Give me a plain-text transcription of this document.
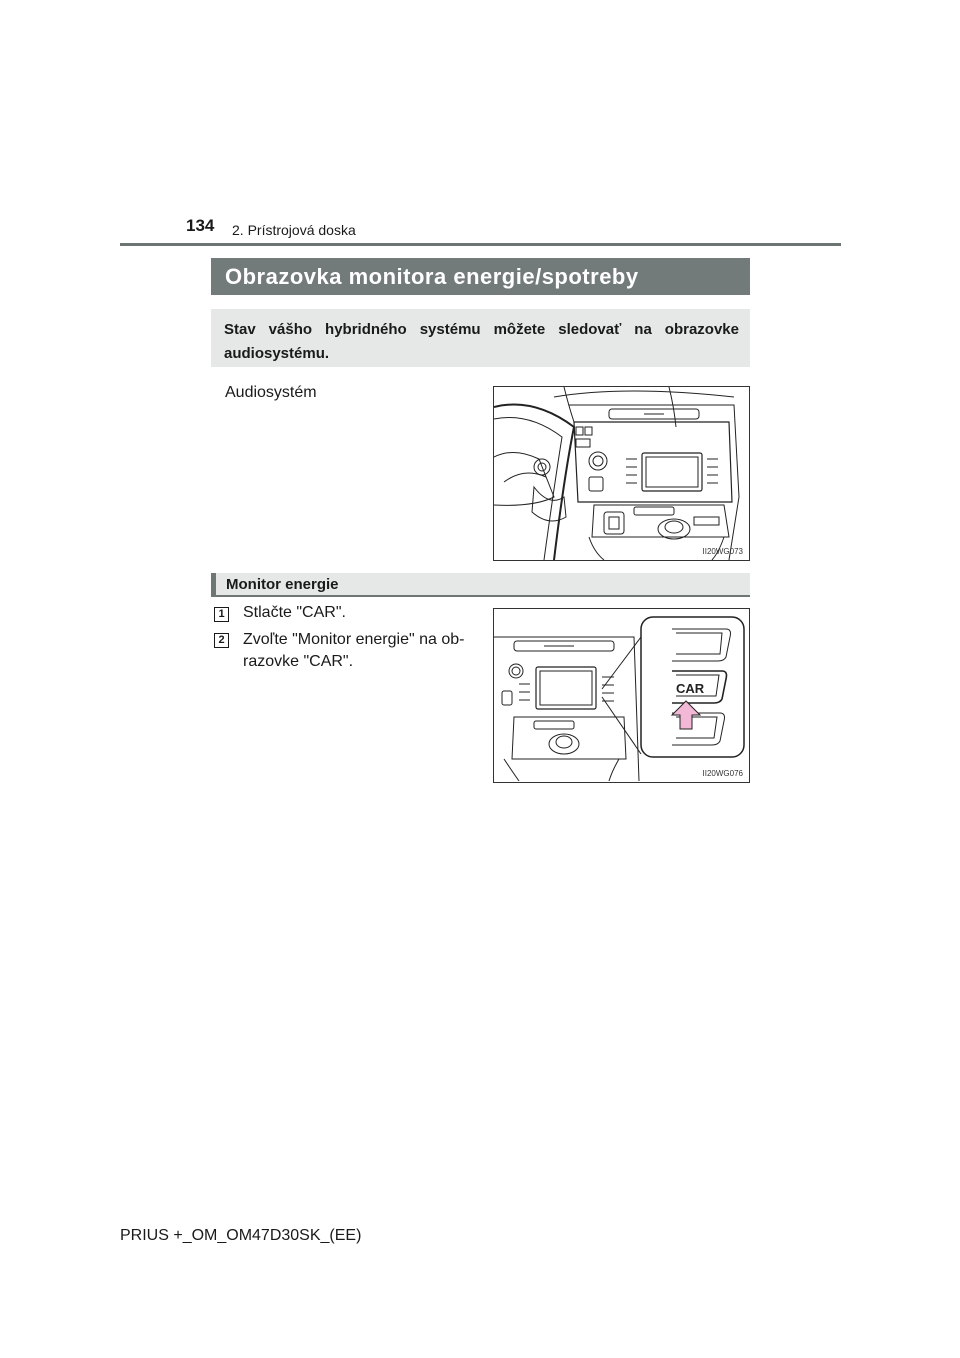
134 2. Prístrojová doska
Obrazovka monitora energie/spotreby
Stav vášho hybridného systému môžete sledovať na obrazovke audiosystému.
Audiosystém
II20WG073
Monitor energie
1 Stlačte "CAR".
2 Zvoľte "Monitor energie" na ob-razovke "CAR".
CAR
II20WG076
PRIUS +_OM_OM47D30SK_(EE)
